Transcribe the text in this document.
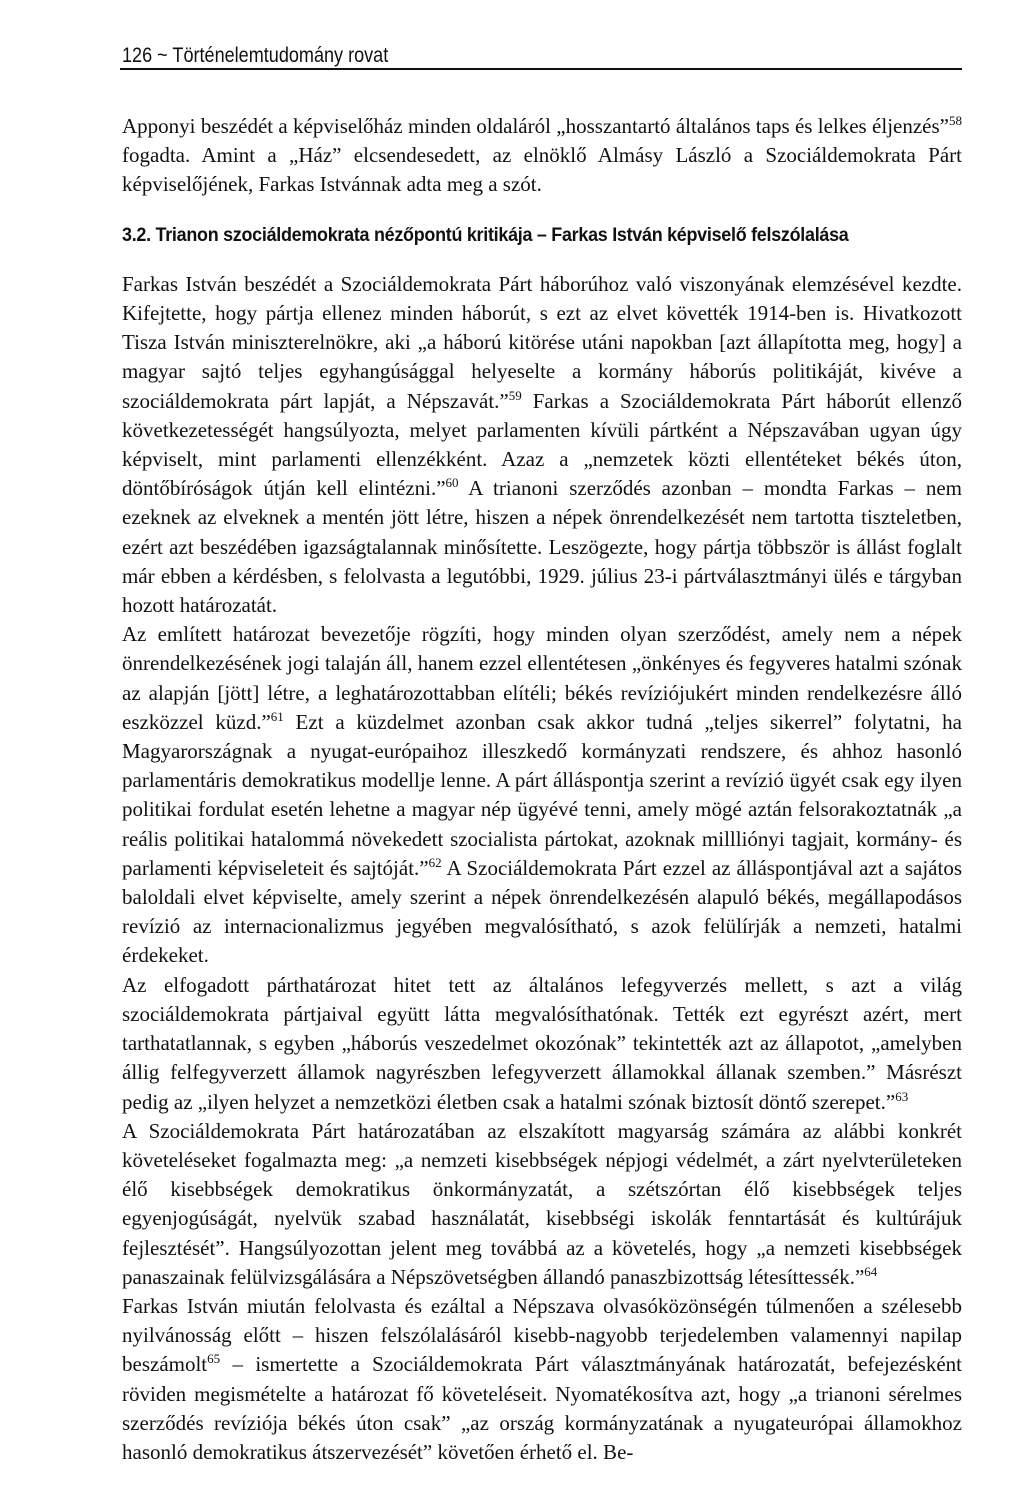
126 ~ Történelemtudomány rovat

Apponyi beszédét a képviselőház minden oldaláról „hosszantartó általános taps és lelkes éljenzés”$^{58}$ fogadta. Amint a „Ház” elcsendesedett, az elnöklő Almásy László a Szociáldemokrata Párt képviselőjének, Farkas Istvánnak adta meg a szót.

3.2. Trianon szociáldemokrata nézőpontú kritikája – Farkas István képviselő felszólalása

Farkas István beszédét a Szociáldemokrata Párt háborúhoz való viszonyának elemzésével kezdte. Kifejtette, hogy pártja ellenez minden háborút, s ezt az elvet követték 1914-ben is. Hivatkozott Tisza István miniszterelnökre, aki „a háború kitörése utáni napokban [azt állapította meg, hogy] a magyar sajtó teljes egyhangúsággal helyeselte a kormány háborús politikáját, kivéve a szociáldemokrata párt lapját, a Népszavát.”$^{59}$ Farkas a Szociáldemokrata Párt háborút ellenző következetességét hangsúlyozta, melyet parlamenten kívüli pártként a Népszavában ugyan úgy képviselt, mint parlamenti ellenzékként. Azaz a „nemzetek közti ellentéteket békés úton, döntőbíróságok útján kell elintézni.”$^{60}$ A trianoni szerződés azonban – mondta Farkas – nem ezeknek az elveknek a mentén jött létre, hiszen a népek önrendelkezését nem tartotta tiszteletben, ezért azt beszédében igazságtalannak minősítette. Leszögezte, hogy pártja többször is állást foglalt már ebben a kérdésben, s felolvasta a legutóbbi, 1929. július 23-i pártválasztmányi ülés e tárgyban hozott határozatát.

Az említett határozat bevezetője rögzíti, hogy minden olyan szerződést, amely nem a népek önrendelkezésének jogi talaján áll, hanem ezzel ellentétesen „önkényes és fegyveres hatalmi szónak az alapján [jött] létre, a leghatározottabban elítéli; békés revíziójukért minden rendelkezésre álló eszközzel küzd.”$^{61}$ Ezt a küzdelmet azonban csak akkor tudná „teljes sikerrel” folytatni, ha Magyarországnak a nyugat-európaihoz illeszkedő kormányzati rendszere, és ahhoz hasonló parlamentáris demokratikus modellje lenne. A párt álláspontja szerint a revízió ügyét csak egy ilyen politikai fordulat esetén lehetne a magyar nép ügyévé tenni, amely mögé aztán felsorakoztatnák „a reális politikai hatalommá növekedett szocialista pártokat, azoknak millliónyi tagjait, kormány- és parlamenti képviseleteit és sajtóját.”$^{62}$ A Szociáldemokrata Párt ezzel az álláspontjával azt a sajátos baloldali elvet képviselte, amely szerint a népek önrendelkezésén alapuló békés, megállapodásos revízió az internacionalizmus jegyében megvalósítható, s azok felülírják a nemzeti, hatalmi érdekeket.

Az elfogadott párthatározat hitet tett az általános lefegyverzés mellett, s azt a világ szociáldemokrata pártjaival együtt látta megvalósíthatónak. Tették ezt egyrészt azért, mert tarthatatlannak, s egyben „háborús veszedelmet okozónak” tekintették azt az állapotot, „amelyben állig felfegyverzett államok nagyrészben lefegyverzett államokkal állanak szemben.” Másrészt pedig az „ilyen helyzet a nemzetközi életben csak a hatalmi szónak biztosít döntő szerepet.”$^{63}$

A Szociáldemokrata Párt határozatában az elszakított magyarság számára az alábbi konkrét követeléseket fogalmazta meg: „a nemzeti kisebbségek népjogi védelmét, a zárt nyelvterületeken élő kisebbségek demokratikus önkormányzatát, a szétszórtan élő kisebbségek teljes egyenjogúságát, nyelvük szabad használatát, kisebbségi iskolák fenntartását és kultúrájuk fejlesztését”. Hangsúlyozottan jelent meg továbbá az a követelés, hogy „a nemzeti kisebbségek panaszainak felülvizsgálására a Népszövetségben állandó panaszbizottság létesíttessék.”$^{64}$

Farkas István miután felolvasta és ezáltal a Népszava olvasóközönségén túlmenően a szélesebb nyilvánosság előtt – hiszen felszólalásáról kisebb-nagyobb terjedelemben valamennyi napilap beszámolt$^{65}$ – ismertette a Szociáldemokrata Párt választmányának határozatát, befejezésként röviden megismételte a határozat fő követeléseit. Nyomatékosítva azt, hogy „a trianoni sérelmes szerződés revíziója békés úton csak” „az ország kormányzatának a nyugateurópai államokhoz hasonló demokratikus átszervezését” követően érhető el. Be-
